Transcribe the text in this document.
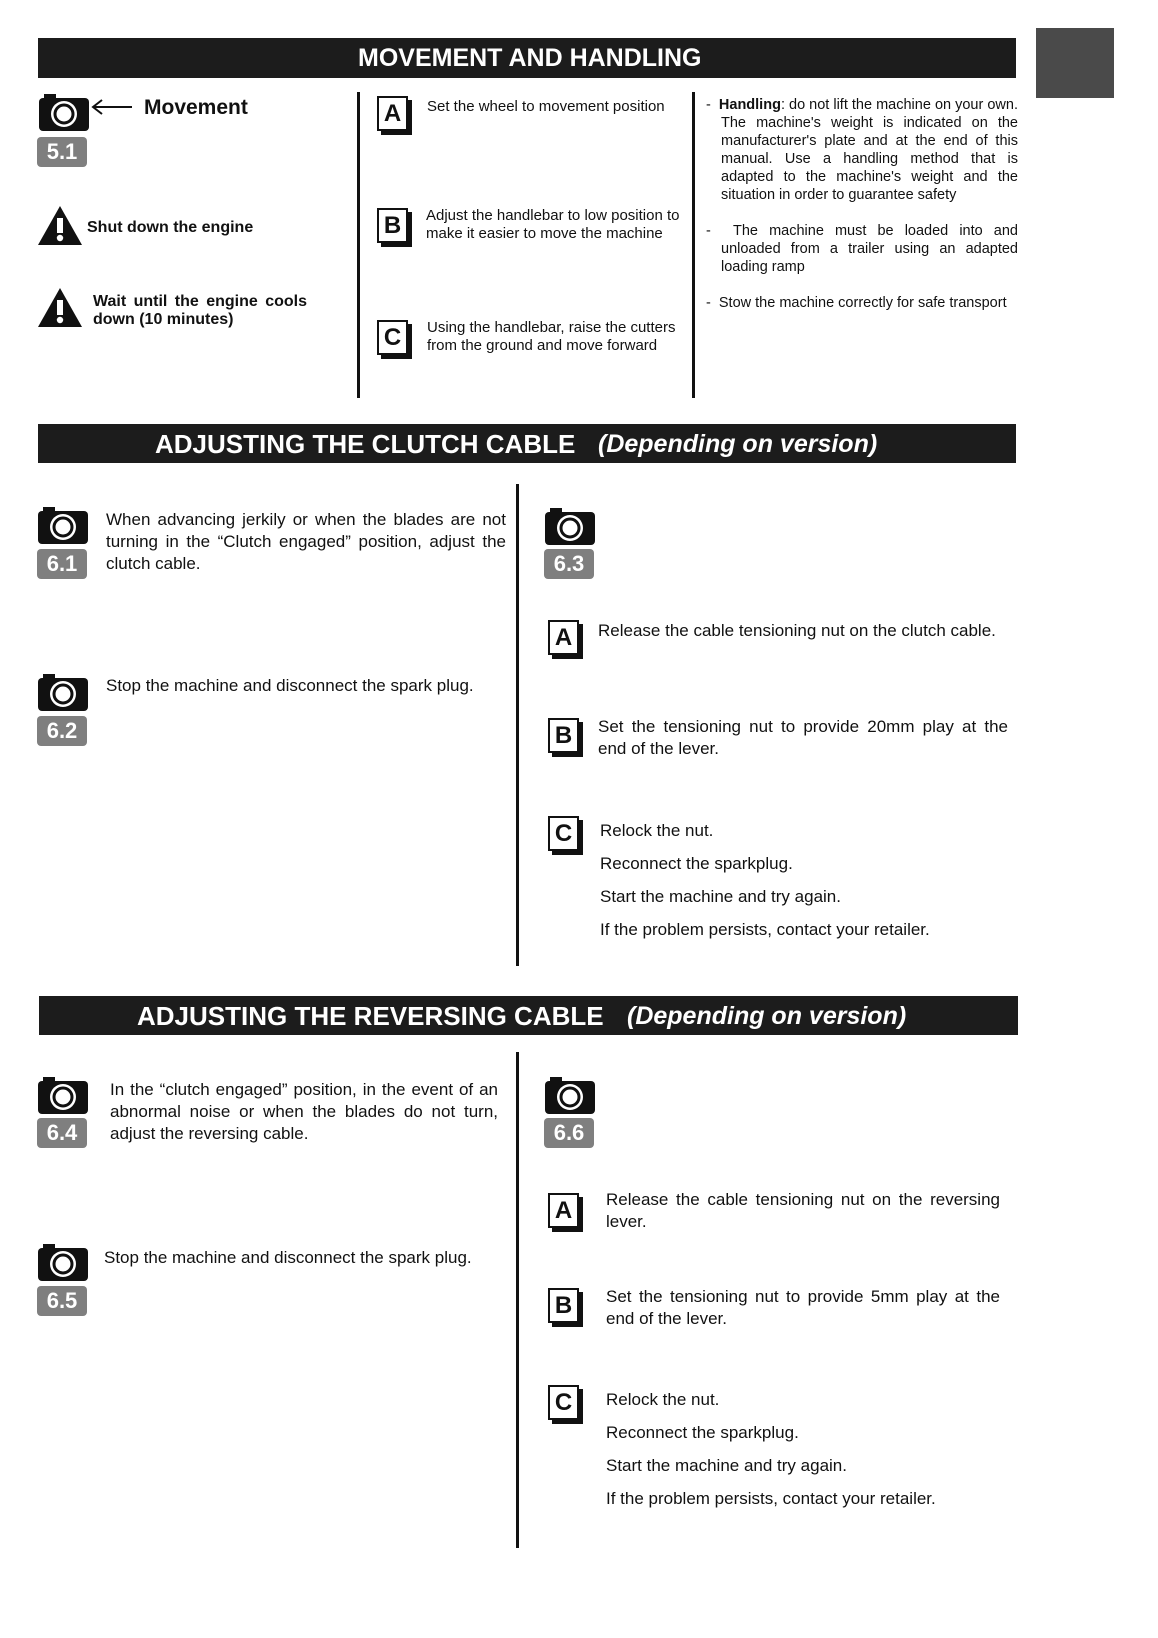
MOVEMENT AND HANDLING
Movement
5.1
Shut down the engine
Wait until the engine cools down (10 minutes)
A	Set the wheel to movement position
B	Adjust the handlebar to low position to make it easier to move the machine
C	Using the handlebar, raise the cutters from the ground and move forward
-  Handling: do not lift the machine on your own. The machine's weight is indicated on the manufacturer's plate and at the end of this manual. Use a handling method that is adapted to the machine's weight and the situation in order to guarantee safety
-  The machine must be loaded into and unloaded from a trailer using an adapted loading ramp
-  Stow the machine correctly for safe transport
ADJUSTING THE CLUTCH CABLE (Depending on version)
6.1
When advancing jerkily or when the blades are not turning in the “Clutch engaged” position, adjust the clutch cable.
6.2
Stop the machine and disconnect the spark plug.
6.3
A	Release the cable tensioning nut on the clutch cable.
B	Set the tensioning nut to provide 20mm play at the end of the lever.
C	Relock the nut.
Reconnect the sparkplug.
Start the machine and try again.
If the problem persists, contact your retailer.
ADJUSTING THE REVERSING CABLE (Depending on version)
6.4
In the “clutch engaged” position, in the event of an abnormal noise or when the blades do not turn, adjust the reversing cable.
6.5
Stop the machine and disconnect the spark plug.
6.6
A	Release the cable tensioning nut on the reversing lever.
B	Set the tensioning nut to provide 5mm play at the end of the lever.
C	Relock the nut.
Reconnect the sparkplug.
Start the machine and try again.
If the problem persists, contact your retailer.
